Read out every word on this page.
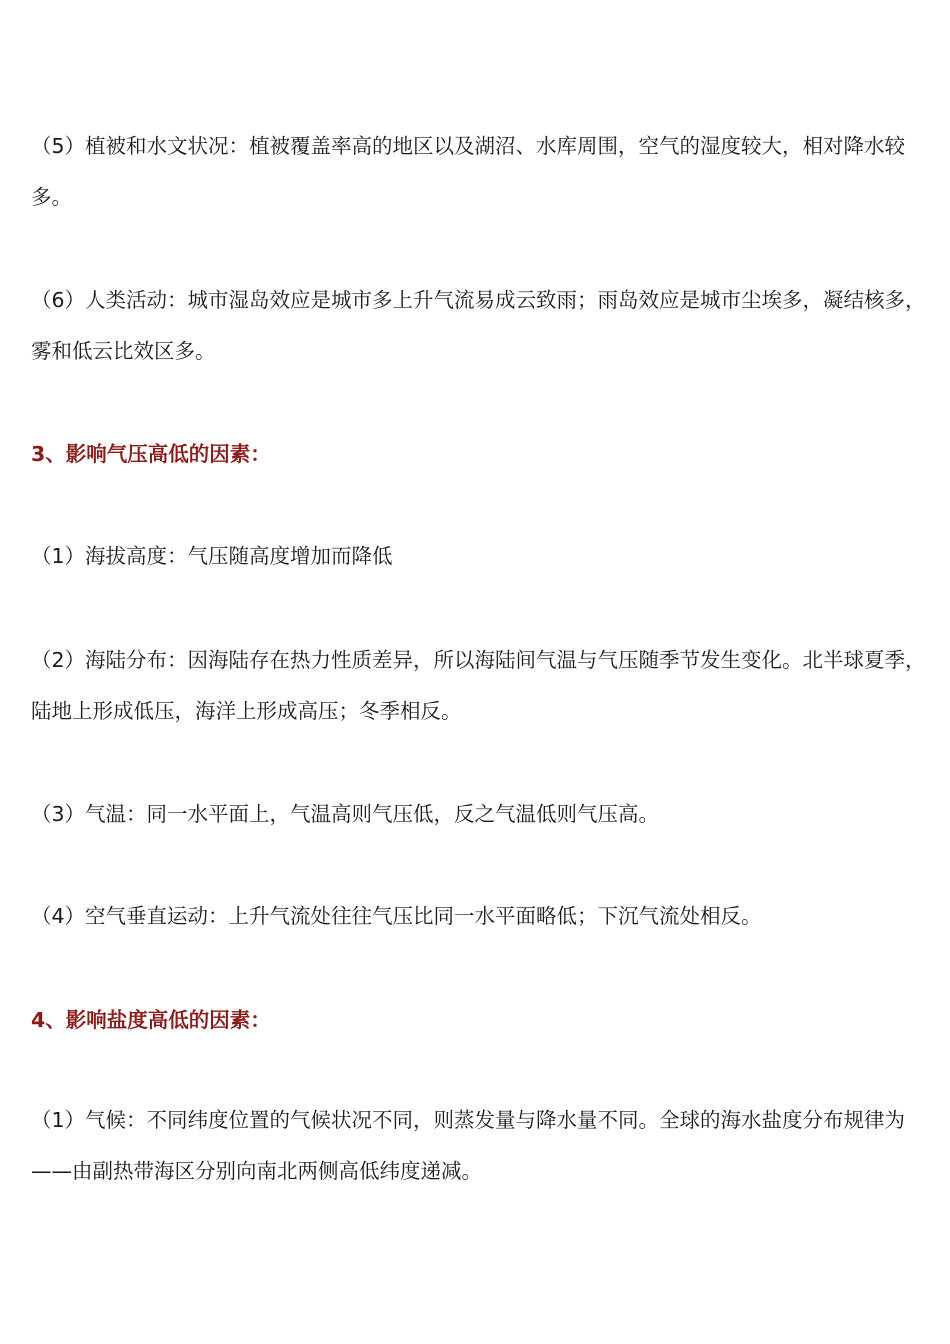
（5）植被和水文状况：植被覆盖率高的地区以及湖沼、水库周围，空气的湿度较大，相对降水较多。

（6）人类活动：城市湿岛效应是城市多上升气流易成云致雨；雨岛效应是城市尘埃多，凝结核多，雾和低云比效区多。

3、影响气压高低的因素：

（1）海拔高度：气压随高度增加而降低

（2）海陆分布：因海陆存在热力性质差异，所以海陆间气温与气压随季节发生变化。北半球夏季，陆地上形成低压，海洋上形成高压；冬季相反。

（3）气温：同一水平面上，气温高则气压低，反之气温低则气压高。

（4）空气垂直运动：上升气流处往往气压比同一水平面略低；下沉气流处相反。

4、影响盐度高低的因素：

（1）气候：不同纬度位置的气候状况不同，则蒸发量与降水量不同。全球的海水盐度分布规律为——由副热带海区分别向南北两侧高低纬度递减。
